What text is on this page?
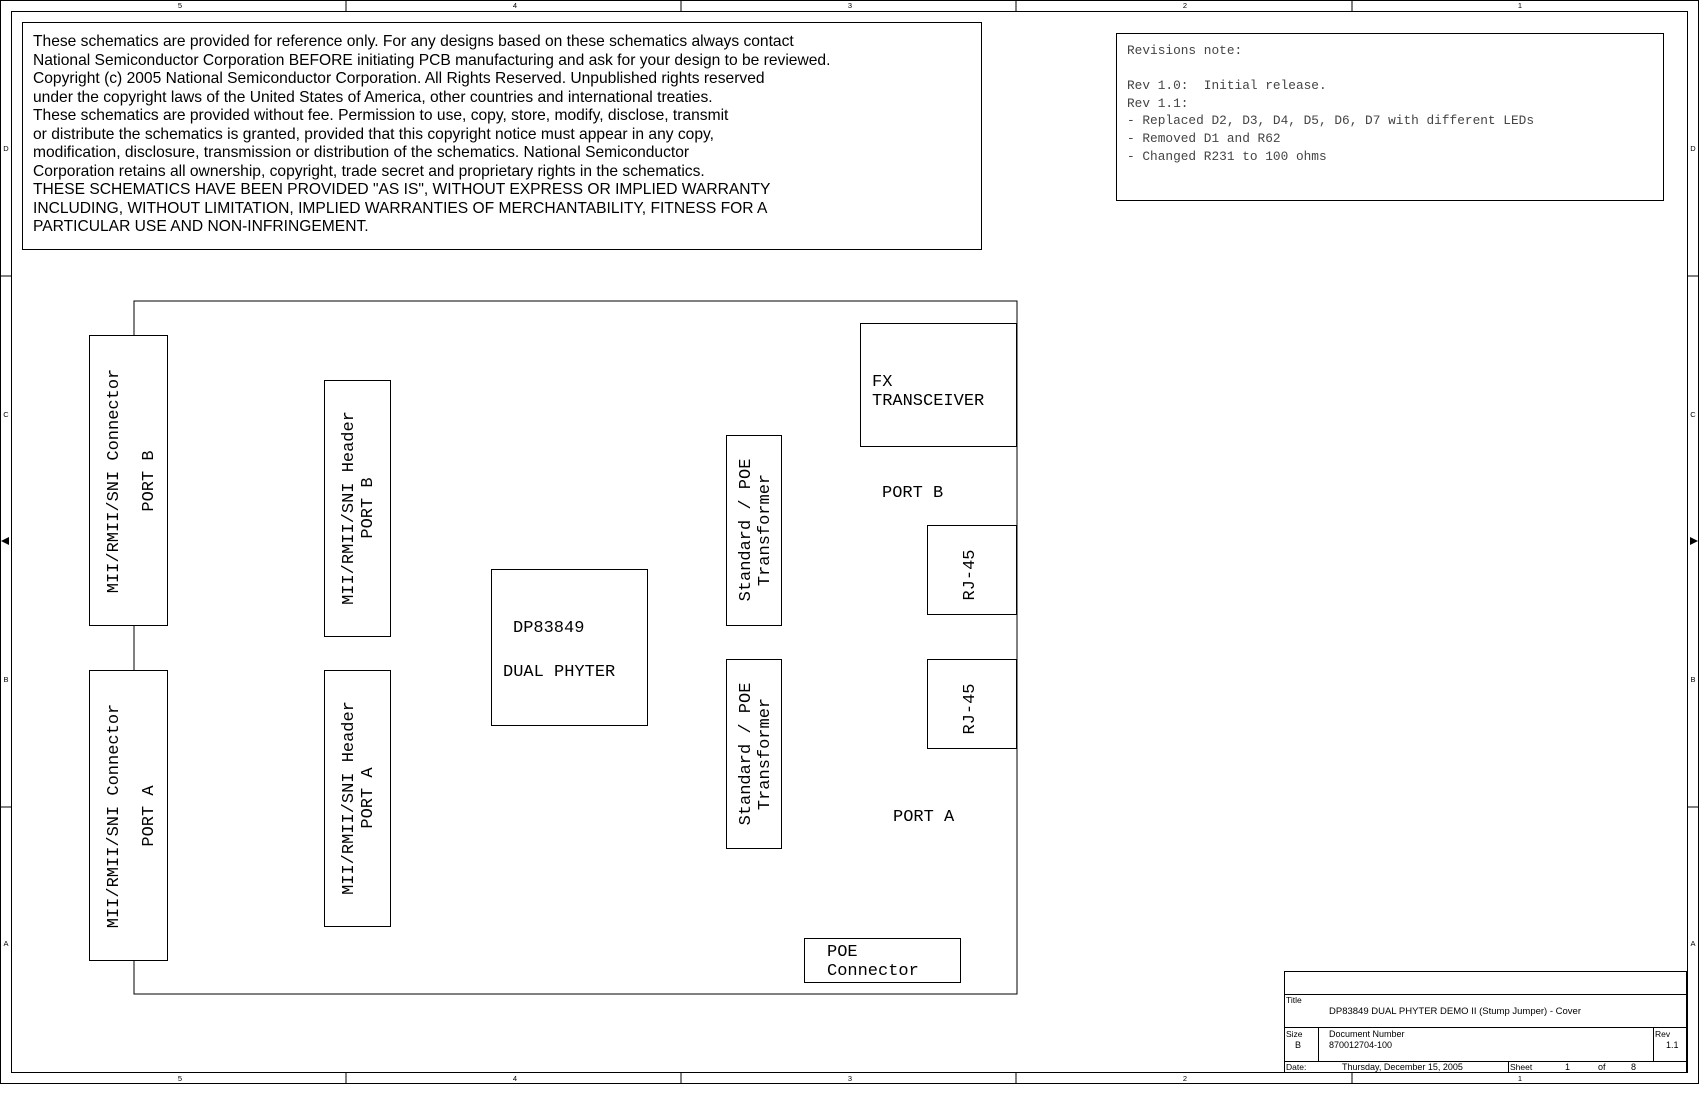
5	4	3	2	1
5	4	3	2	1
D
C
B
A
D
C
B
A
MII/RMII/SNI Connector PORT B
MII/RMII/SNI Connector PORT A
MII/RMII/SNI Header PORT B
MII/RMII/SNI Header PORT A
DP83849
DUAL PHYTER
Standard / POE Transformer
Standard / POE Transformer
FX
TRANSCEIVER
PORT B
PORT A
RJ-45
RJ-45
POE
Connector
Title
DP83849 DUAL PHYTER DEMO II (Stump Jumper) - Cover
Size
B
Document Number
870012704-100
Rev
1.1
Date:	Thursday, December 15, 2005	Sheet	1	of	8
These schematics are provided for reference only. For any designs based on these schematics always contact
National Semiconductor Corporation BEFORE initiating PCB manufacturing and ask for your design to be reviewed.
Copyright (c) 2005 National Semiconductor Corporation. All Rights Reserved. Unpublished rights reserved
under the copyright laws of the United States of America, other countries and international treaties.
These schematics are provided without fee. Permission to use, copy, store, modify, disclose, transmit
or distribute the schematics is granted, provided that this copyright notice must appear in any copy,
modification, disclosure, transmission or distribution of the schematics. National Semiconductor
Corporation retains all ownership, copyright, trade secret and proprietary rights in the schematics.
THESE SCHEMATICS HAVE BEEN PROVIDED "AS IS", WITHOUT EXPRESS OR IMPLIED WARRANTY
INCLUDING, WITHOUT LIMITATION, IMPLIED WARRANTIES OF MERCHANTABILITY, FITNESS FOR A
PARTICULAR USE AND NON-INFRINGEMENT.
Revisions note:
Rev 1.0:  Initial release.
Rev 1.1:
- Replaced D2, D3, D4, D5, D6, D7 with different LEDs
- Removed D1 and R62
- Changed R231 to 100 ohms
